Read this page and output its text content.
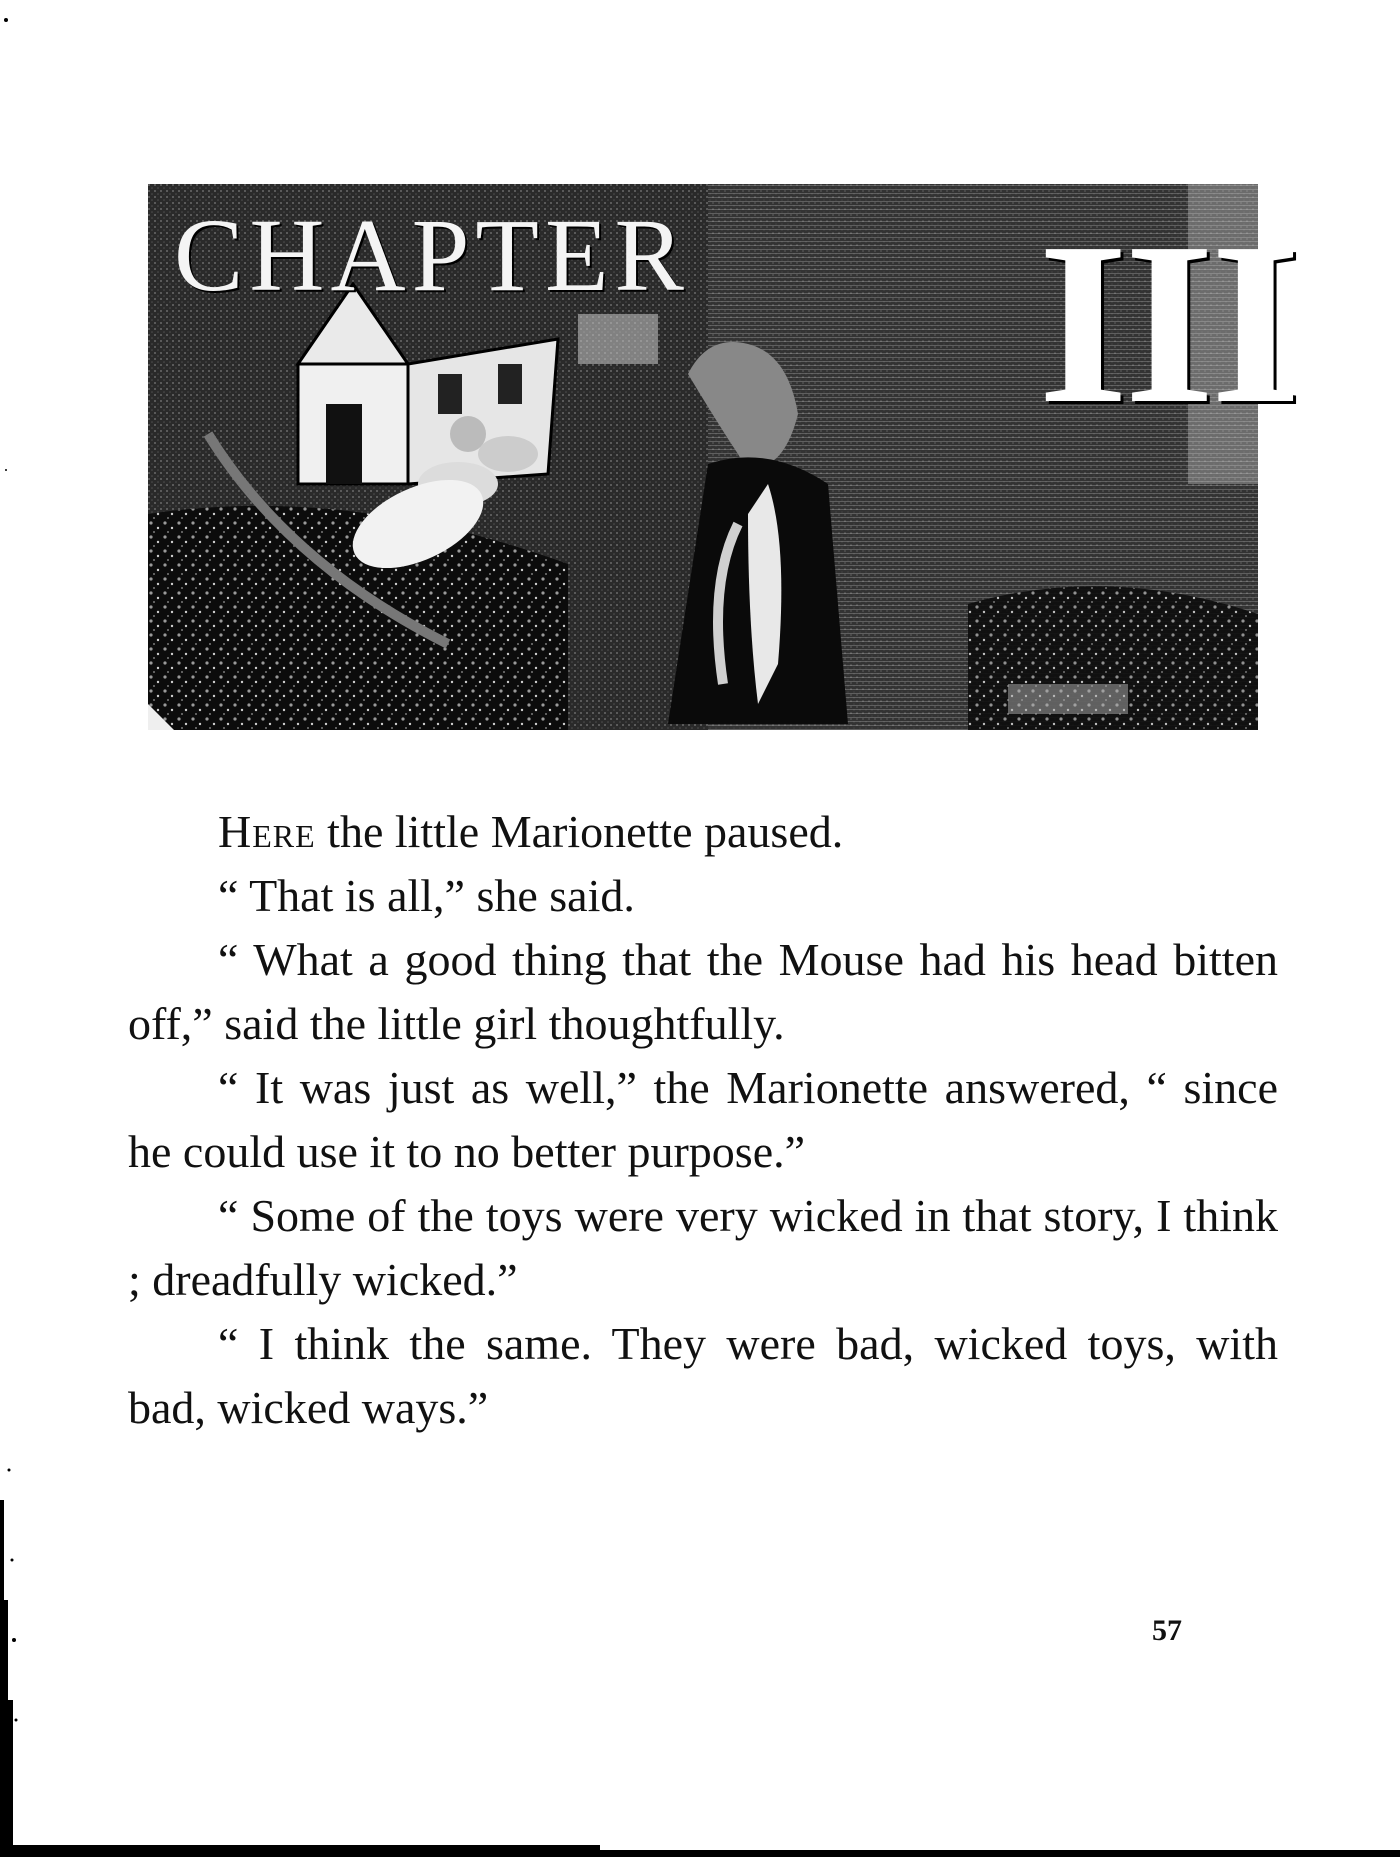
CHAPTER III

Here the little Marionette paused.

“ That is all,” she said.

“ What a good thing that the Mouse had his head bitten off,” said the little girl thoughtfully.

“ It was just as well,” the Marionette answered, “ since he could use it to no better purpose.”

“ Some of the toys were very wicked in that story, I think ; dreadfully wicked.”

“ I think the same. They were bad, wicked toys, with bad, wicked ways.”

57
